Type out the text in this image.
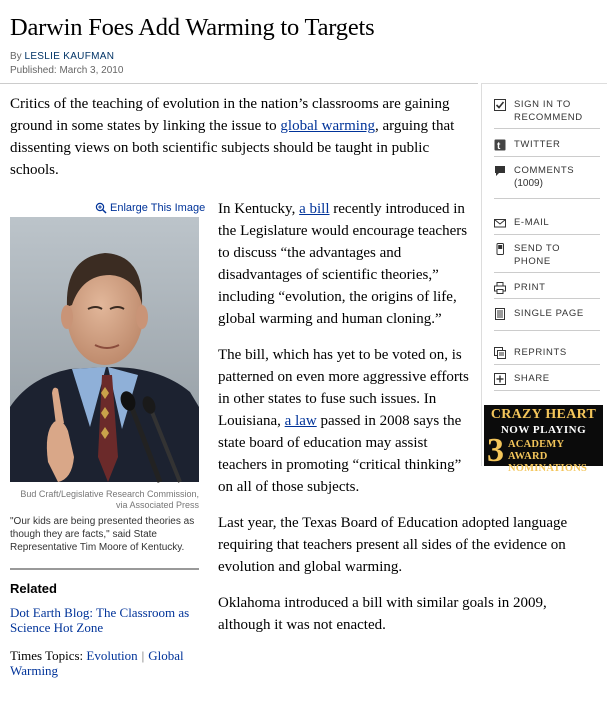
Darwin Foes Add Warming to Targets
By LESLIE KAUFMAN
Published: March 3, 2010
Critics of the teaching of evolution in the nation’s classrooms are gaining ground in some states by linking the issue to global warming, arguing that dissenting views on both scientific subjects should be taught in public schools.
Enlarge This Image
Bud Craft/Legislative Research Commission,
via Associated Press
"Our kids are being presented theories as though they are facts," said State Representative Tim Moore of Kentucky.
Related
Dot Earth Blog: The Classroom as Science Hot Zone
Times Topics: Evolution | Global Warming

In Kentucky, a bill recently introduced in the Legislature would encourage teachers to discuss “the advantages and disadvantages of scientific theories,” including “evolution, the origins of life, global warming and human cloning.”

The bill, which has yet to be voted on, is patterned on even more aggressive efforts in other states to fuse such issues. In Louisiana, a law passed in 2008 says the state board of education may assist teachers in promoting “critical thinking” on all of those subjects.

Last year, the Texas Board of Education adopted language requiring that teachers present all sides of the evidence on evolution and global warming.

Oklahoma introduced a bill with similar goals in 2009, although it was not enacted.

SIGN IN TO RECOMMEND
t TWITTER
COMMENTS
(1009)
E-MAIL
SEND TO PHONE
PRINT
SINGLE PAGE
REPRINTS
SHARE
CRAZY HEART
NOW PLAYING
3 ACADEMY AWARD
NOMINATIONS
